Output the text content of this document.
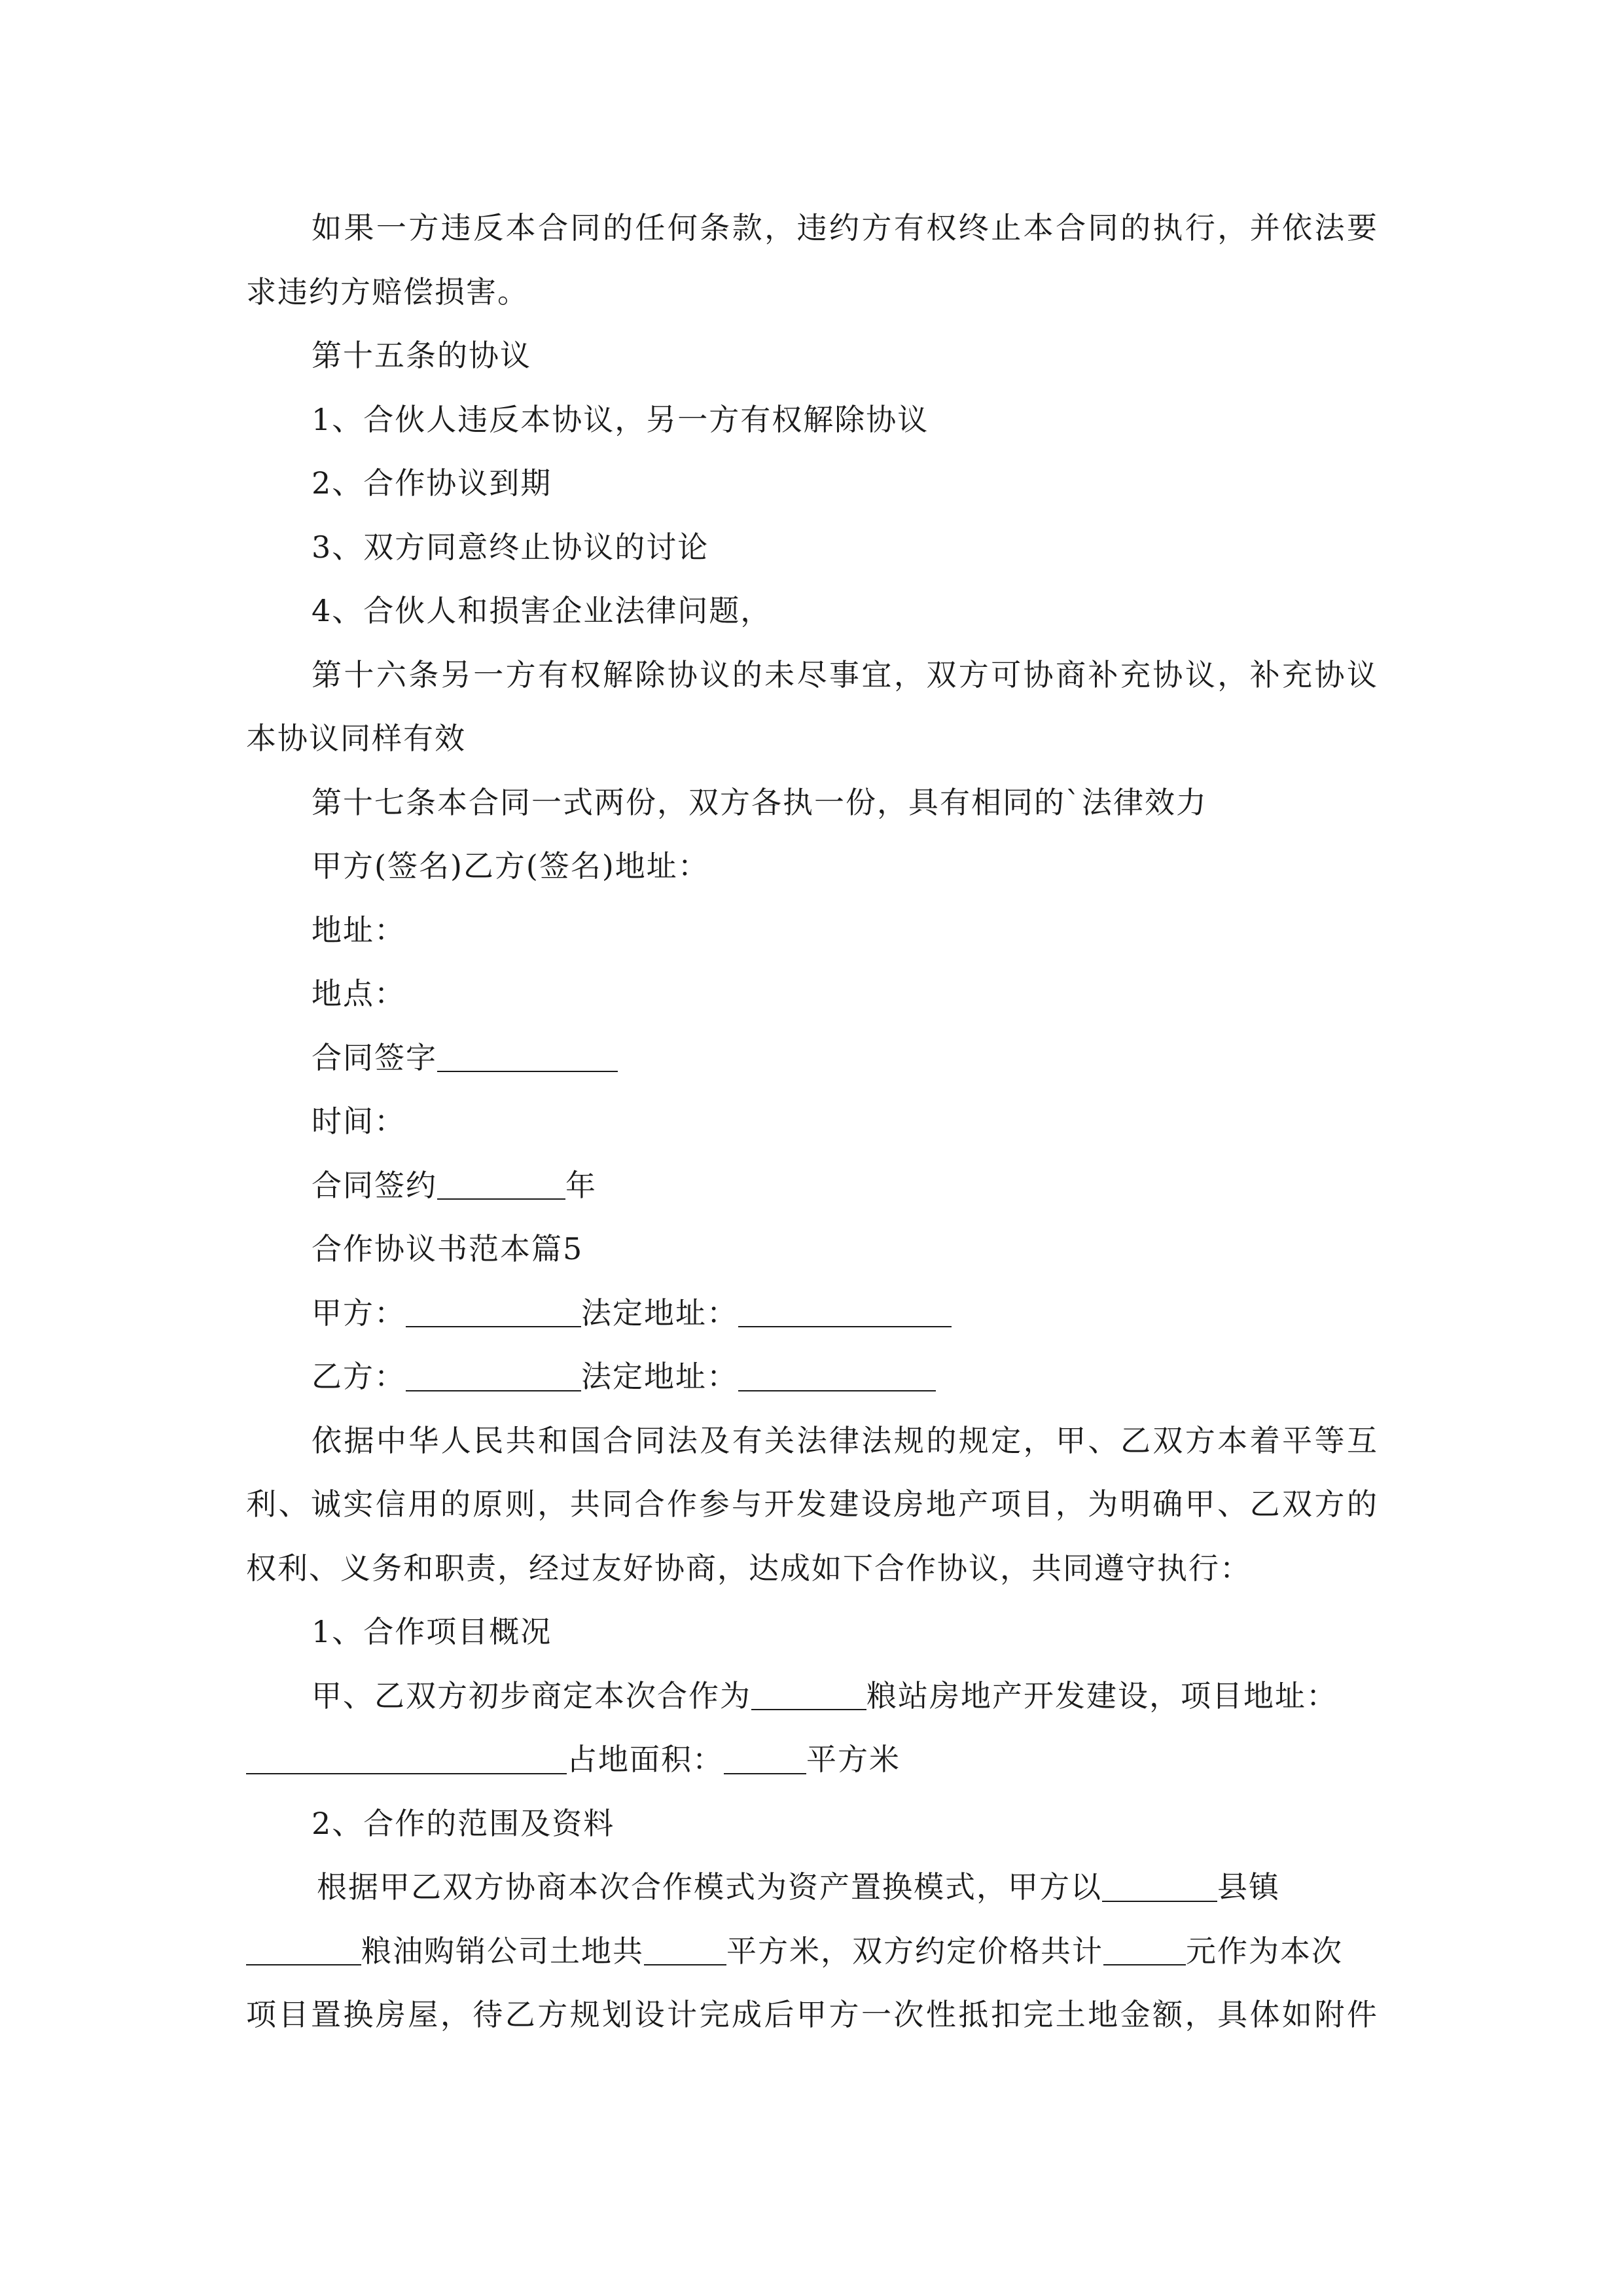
如果一方违反本合同的任何条款，违约方有权终止本合同的执行，并依法要
求违约方赔偿损害。
第十五条的协议
1、合伙人违反本协议，另一方有权解除协议
2、合作协议到期
3、双方同意终止协议的讨论
4、合伙人和损害企业法律问题，
第十六条另一方有权解除协议的未尽事宜，双方可协商补充协议，补充协议
本协议同样有效
第十七条本合同一式两份，双方各执一份，具有相同的`法律效力
甲方(签名)乙方(签名)地址：
地址：
地点：
合同签字
时间：
合同签约	年
合作协议书范本篇5
甲方：	法定地址：
乙方：	法定地址：
依据中华人民共和国合同法及有关法律法规的规定，甲、乙双方本着平等互
利、诚实信用的原则，共同合作参与开发建设房地产项目，为明确甲、乙双方的
权利、义务和职责，经过友好协商，达成如下合作协议，共同遵守执行：
1、合作项目概况
甲、乙双方初步商定本次合作为	粮站房地产开发建设，项目地址：
占地面积：	平方米
2、合作的范围及资料
根据甲乙双方协商本次合作模式为资产置换模式，甲方以	县镇
粮油购销公司土地共	平方米，双方约定价格共计	元作为本次
项目置换房屋，待乙方规划设计完成后甲方一次性抵扣完土地金额，具体如附件
